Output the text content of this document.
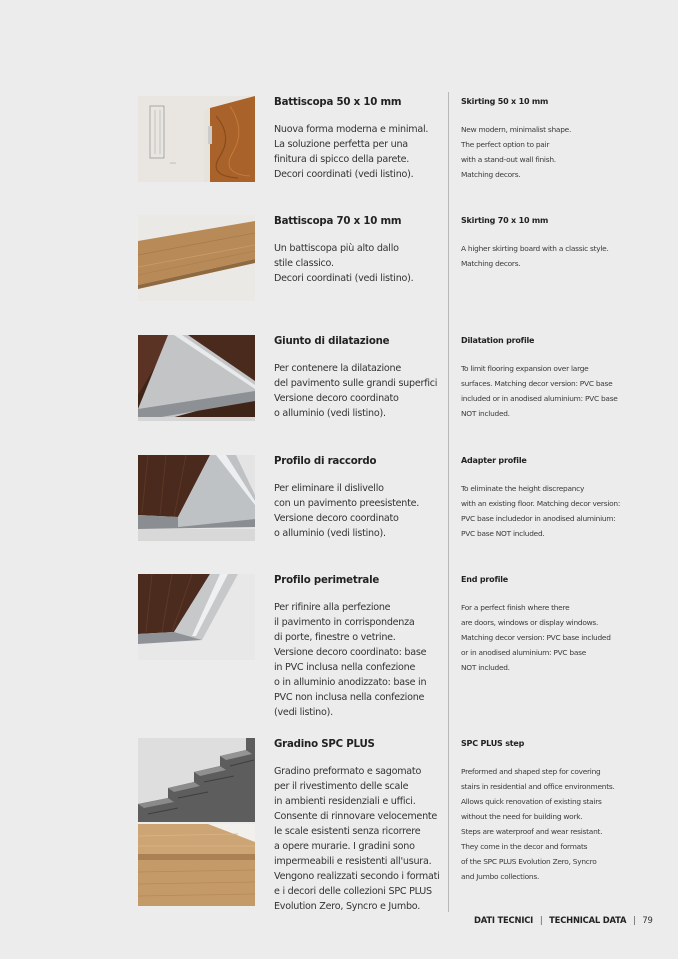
mm
Battiscopa 50 x 10 mm

Nuova forma moderna e minimal.
La soluzione perfetta per una
finitura di spicco della parete.
Decori coordinati (vedi listino).

Skirting 50 x 10 mm

New modern, minimalist shape.
The perfect option to pair
with a stand-out wall finish.
Matching decors.

Battiscopa 70 x 10 mm

Un battiscopa più alto dallo
stile classico.
Decori coordinati (vedi listino).

Skirting 70 x 10 mm

A higher skirting board with a classic style.
Matching decors.

Giunto di dilatazione

Per contenere la dilatazione
del pavimento sulle grandi superfici
Versione decoro coordinato
o alluminio (vedi listino).

Dilatation profile

To limit flooring expansion over large
surfaces. Matching decor version: PVC base
included or in anodised aluminium: PVC base
NOT included.

Profilo di raccordo

Per eliminare il dislivello
con un pavimento preesistente.
Versione decoro coordinato
o alluminio (vedi listino).

Adapter profile

To eliminate the height discrepancy
with an existing floor. Matching decor version:
PVC base includedor in anodised aluminium:
PVC base NOT included.

Profilo perimetrale

Per rifinire alla perfezione
il pavimento in corrispondenza
di porte, finestre o vetrine.
Versione decoro coordinato: base
in PVC inclusa nella confezione
o in alluminio anodizzato: base in
PVC non inclusa nella confezione
(vedi listino).

End profile

For a perfect finish where there
are doors, windows or display windows.
Matching decor version: PVC base included
or in anodised aluminium: PVC base
NOT included.

Gradino SPC PLUS

Gradino preformato e sagomato
per il rivestimento delle scale
in ambienti residenziali e uffici.
Consente di rinnovare velocemente
le scale esistenti senza ricorrere
a opere murarie. I gradini sono
impermeabili e resistenti all'usura.
Vengono realizzati secondo i formati
e i decori delle collezioni SPC PLUS
Evolution Zero, Syncro e Jumbo.

SPC PLUS step

Preformed and shaped step for covering
stairs in residential and office environments.
Allows quick renovation of existing stairs
without the need for building work.
Steps are waterproof and wear resistant.
They come in the decor and formats
of the SPC PLUS Evolution Zero, Syncro
and Jumbo collections.

DATI TECNICI | TECHNICAL DATA | 79
